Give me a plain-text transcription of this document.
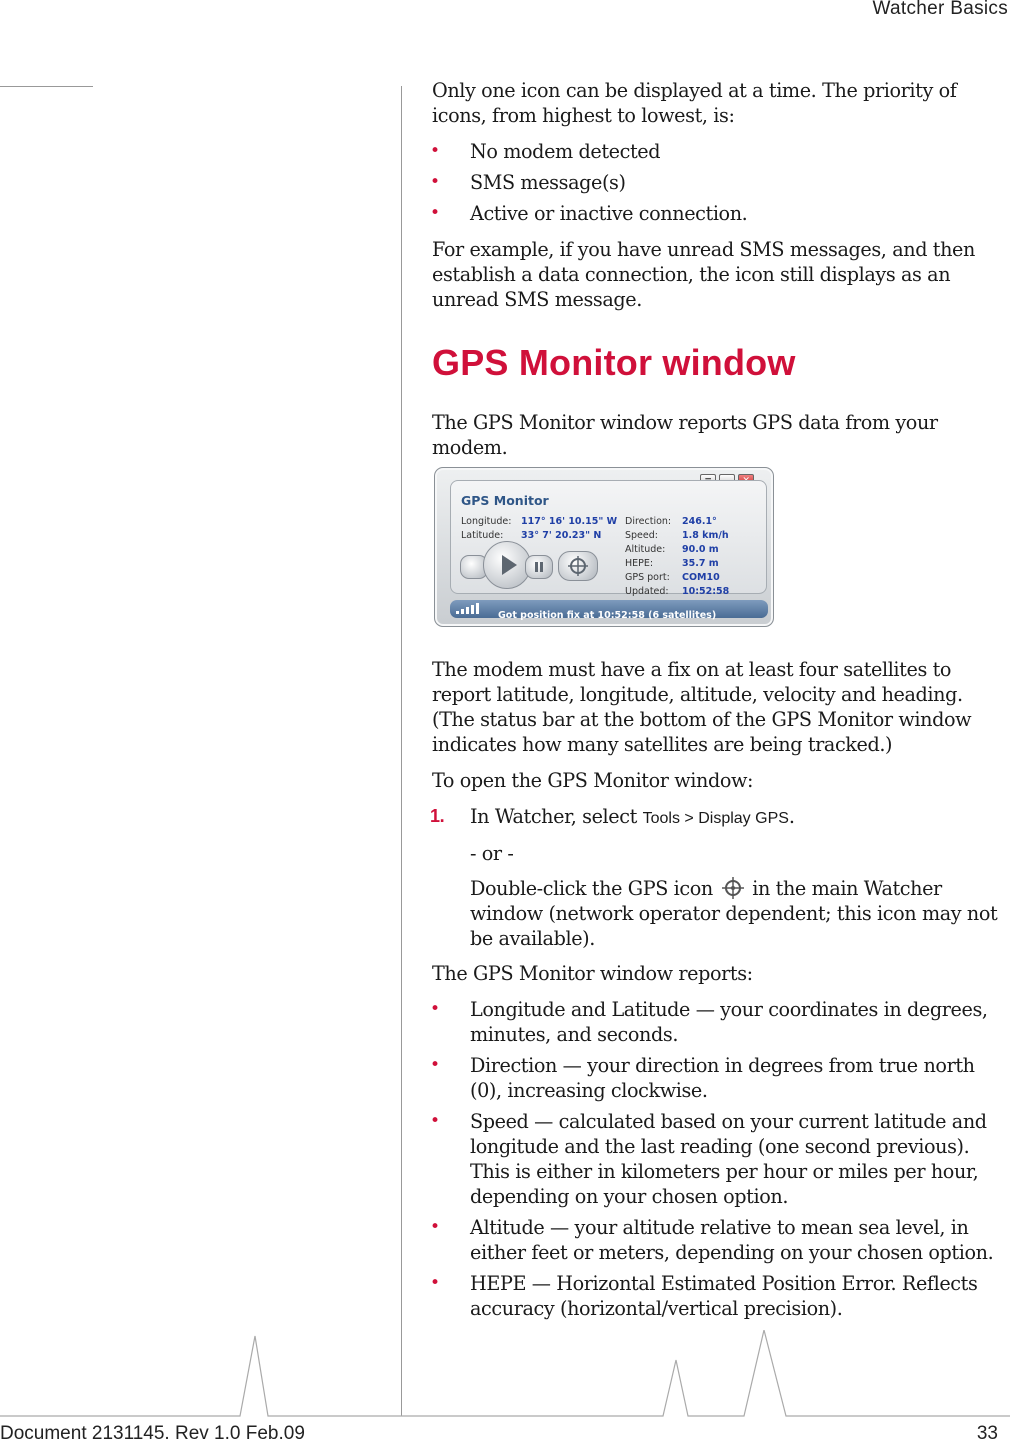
Watcher Basics

Only one icon can be displayed at a time. The priority of icons, from highest to lowest, is:

• No modem detected
• SMS message(s)
• Active or inactive connection.

For example, if you have unread SMS messages, and then establish a data connection, the icon still displays as an unread SMS message.

GPS Monitor window

The GPS Monitor window reports GPS data from your modem.

GPS Monitor
Longitude: 117° 16' 10.15" W
Latitude: 33° 7' 20.23" N
Direction: 246.1°
Speed:	1.8 km/h
Altitude: 90.0 m
HEPE:	35.7 m
GPS port: COM10
Updated: 10:52:58
Got position fix at 10:52:58 (6 satellites)

The modem must have a fix on at least four satellites to report latitude, longitude, altitude, velocity and heading. (The status bar at the bottom of the GPS Monitor window indicates how many satellites are being tracked.)

To open the GPS Monitor window:

1. In Watcher, select Tools > Display GPS.
- or -
Double-click the GPS icon in the main Watcher window (network operator dependent; this icon may not be available).

The GPS Monitor window reports:

• Longitude and Latitude — your coordinates in degrees, minutes, and seconds.
• Direction — your direction in degrees from true north (0), increasing clockwise.
• Speed — calculated based on your current latitude and longitude and the last reading (one second previous). This is either in kilometers per hour or miles per hour, depending on your chosen option.
• Altitude — your altitude relative to mean sea level, in either feet or meters, depending on your chosen option.
• HEPE — Horizontal Estimated Position Error. Reflects accuracy (horizontal/vertical precision).
Document 2131145. Rev 1.0 Feb.09	33
